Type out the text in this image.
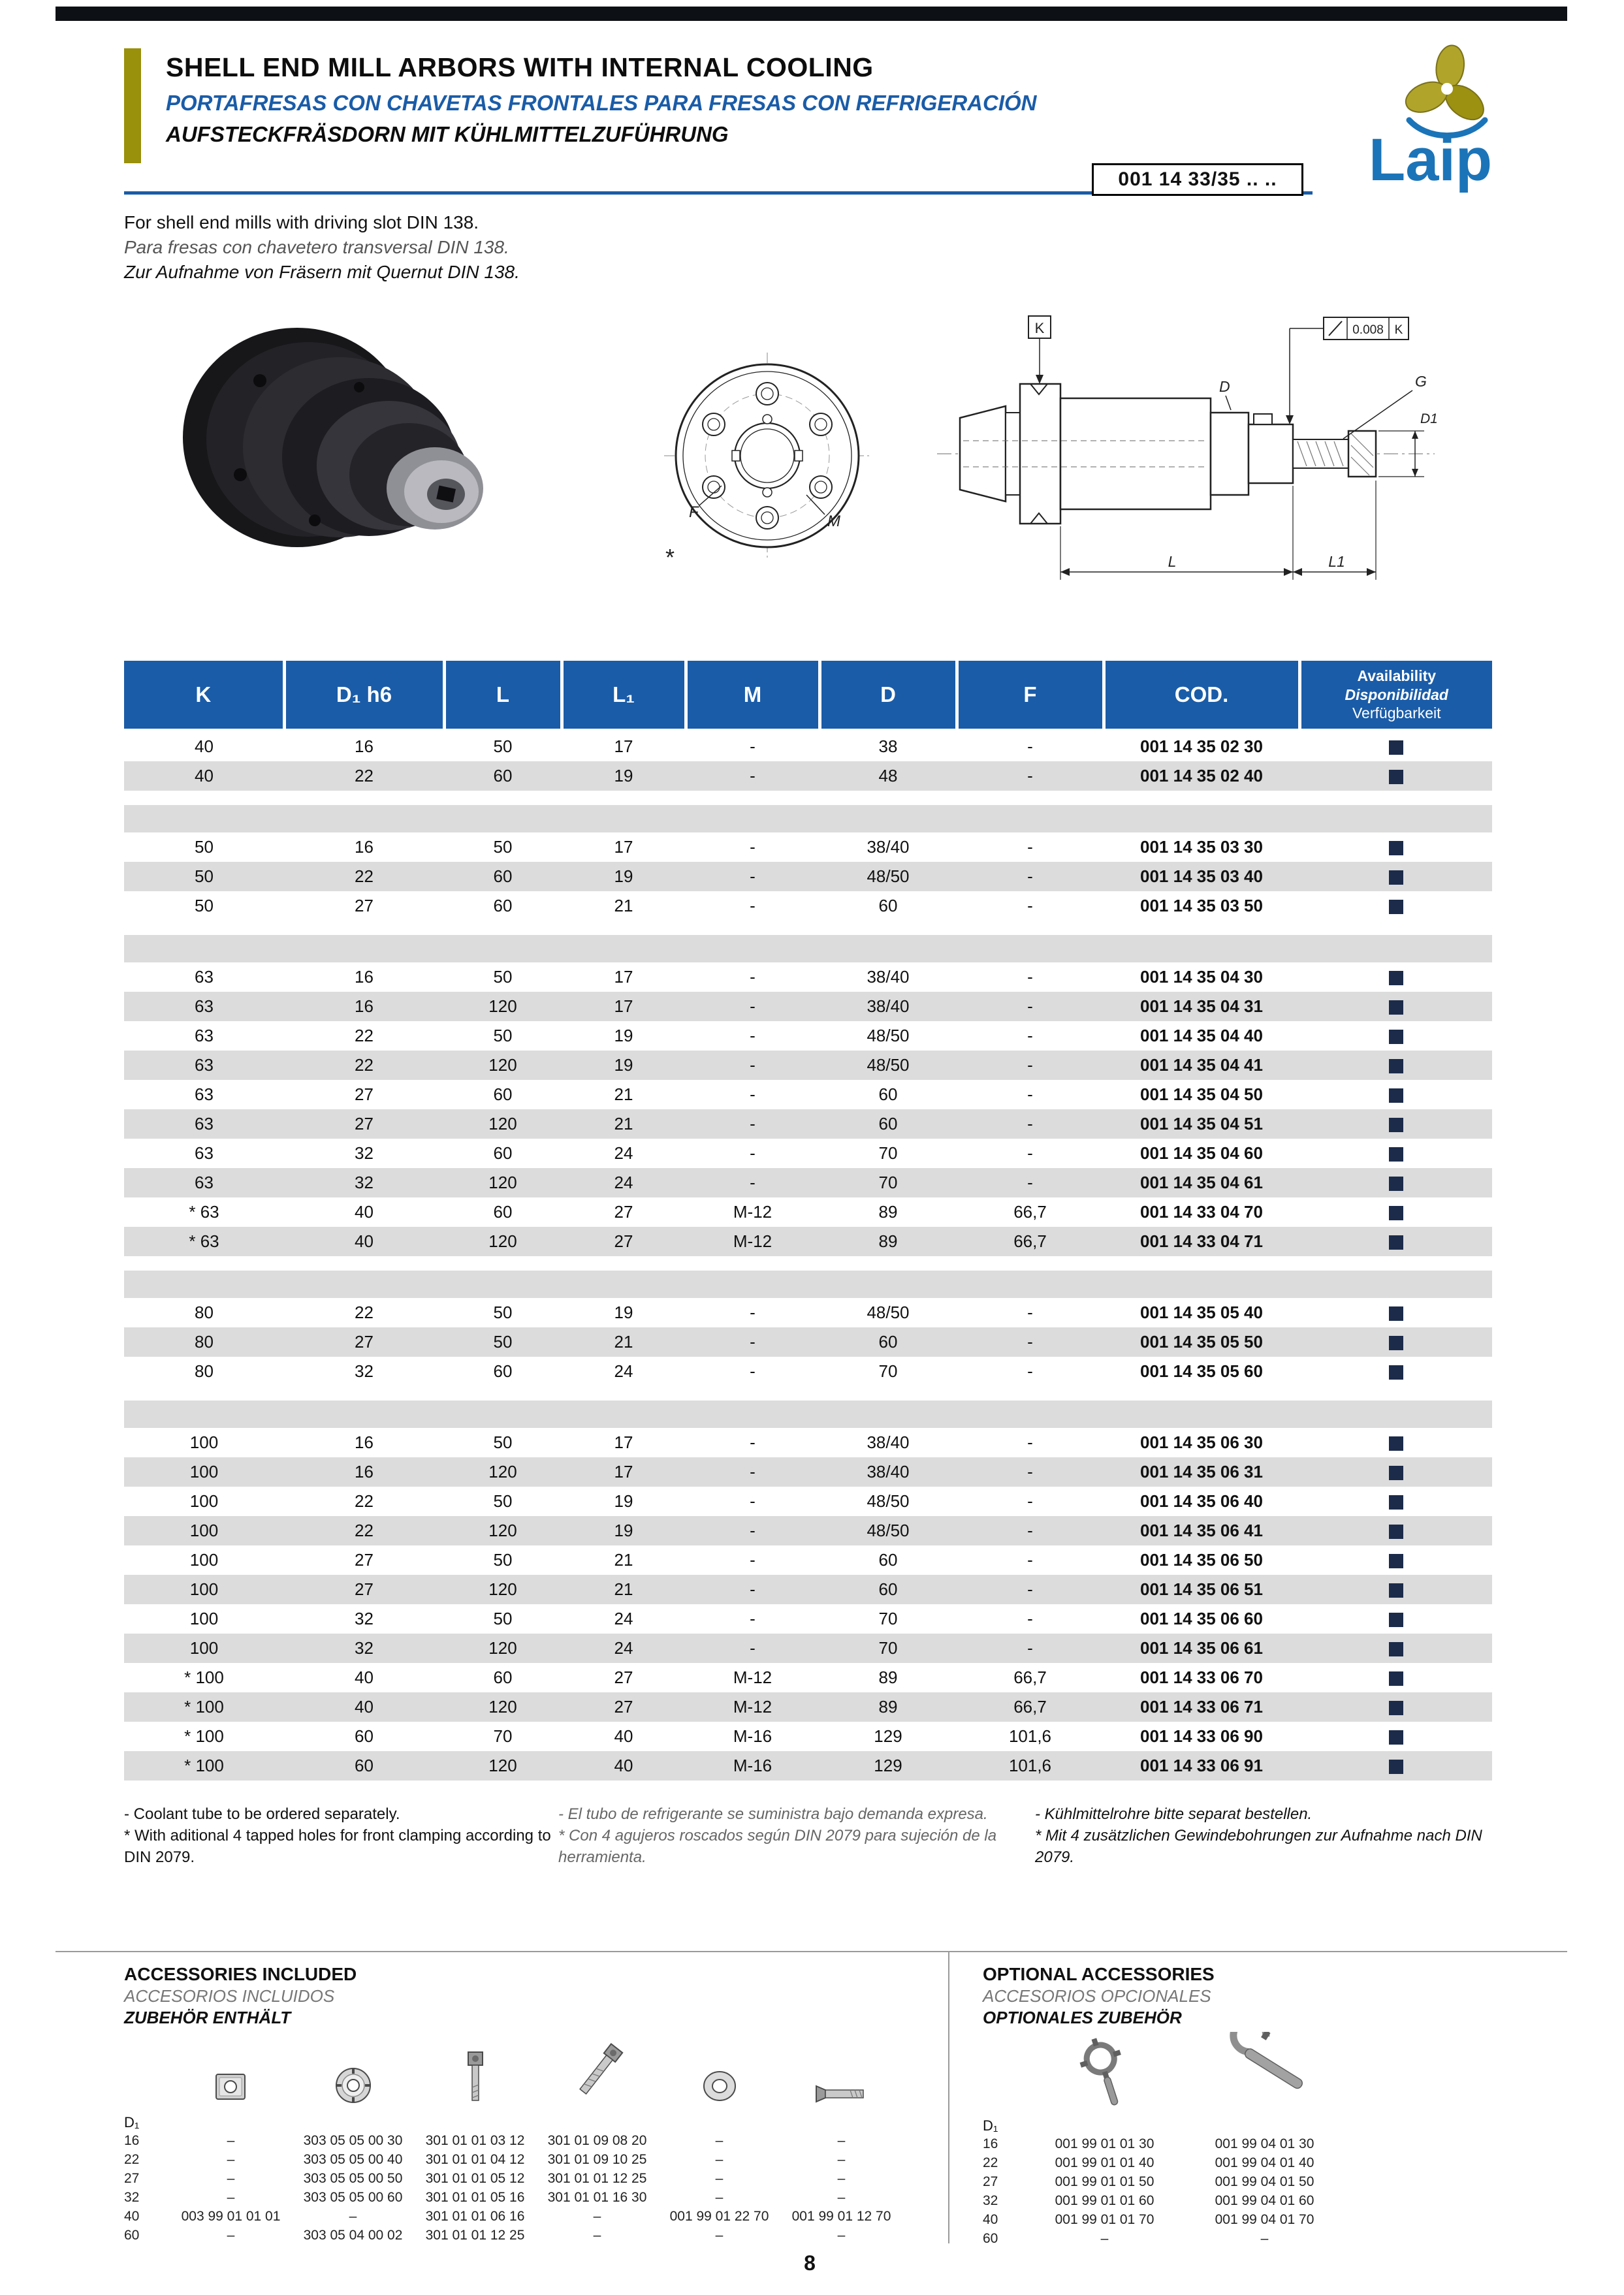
SHELL END MILL ARBORS WITH INTERNAL COOLING
PORTAFRESAS CON CHAVETAS FRONTALES PARA FRESAS CON REFRIGERACIÓN
AUFSTECKFRÄSDORN MIT KÜHLMITTELZUFÜHRUNG
001 14 33/35 .. ..	Laip
For shell end mills with driving slot DIN 138.
Para fresas con chavetero transversal DIN 138.
Zur Aufnahme von Fräsern mit Quernut DIN 138.
F
M
*
K	0.008 K
D	G
D1
L	L1
K	D₁ h6	L	L₁	M	D	F	COD.	Availability
Disponibilidad
Verfügbarkeit

40	16	50	17	-	38	-	001 14 35 02 30	
40	22	60	19	-	48	-	001 14 35 02 40	

50	16	50	17	-	38/40	-	001 14 35 03 30	
50	22	60	19	-	48/50	-	001 14 35 03 40	
50	27	60	21	-	60	-	001 14 35 03 50	

63	16	50	17	-	38/40	-	001 14 35 04 30	
63	16	120	17	-	38/40	-	001 14 35 04 31	
63	22	50	19	-	48/50	-	001 14 35 04 40	
63	22	120	19	-	48/50	-	001 14 35 04 41	
63	27	60	21	-	60	-	001 14 35 04 50	
63	27	120	21	-	60	-	001 14 35 04 51	
63	32	60	24	-	70	-	001 14 35 04 60	
63	32	120	24	-	70	-	001 14 35 04 61	
* 63	40	60	27	M-12	89	66,7	001 14 33 04 70	
* 63	40	120	27	M-12	89	66,7	001 14 33 04 71	

80	22	50	19	-	48/50	-	001 14 35 05 40	
80	27	50	21	-	60	-	001 14 35 05 50	
80	32	60	24	-	70	-	001 14 35 05 60	

100	16	50	17	-	38/40	-	001 14 35 06 30	
100	16	120	17	-	38/40	-	001 14 35 06 31	
100	22	50	19	-	48/50	-	001 14 35 06 40	
100	22	120	19	-	48/50	-	001 14 35 06 41	
100	27	50	21	-	60	-	001 14 35 06 50	
100	27	120	21	-	60	-	001 14 35 06 51	
100	32	50	24	-	70	-	001 14 35 06 60	
100	32	120	24	-	70	-	001 14 35 06 61	
* 100	40	60	27	M-12	89	66,7	001 14 33 06 70	
* 100	40	120	27	M-12	89	66,7	001 14 33 06 71	
* 100	60	70	40	M-16	129	101,6	001 14 33 06 90	
* 100	60	120	40	M-16	129	101,6	001 14 33 06 91	
- Coolant tube to be ordered separately.
* With aditional 4 tapped holes for front clamping according to DIN 2079.
- El tubo de refrigerante se suministra bajo demanda expresa.
* Con 4 agujeros roscados según DIN 2079 para sujeción de la herramienta.
- Kühlmittelrohre bitte separat bestellen.
* Mit 4 zusätzlichen Gewindebohrungen zur Aufnahme nach DIN 2079.
ACCESSORIES INCLUDED
ACCESORIOS INCLUIDOS
ZUBEHÖR ENTHÄLT

D₁						
16	–	303 05 05 00 30	301 01 01 03 12	301 01 09 08 20	–	–
22	–	303 05 05 00 40	301 01 01 04 12	301 01 09 10 25	–	–
27	–	303 05 05 00 50	301 01 01 05 12	301 01 01 12 25	–	–
32	–	303 05 05 00 60	301 01 01 05 16	301 01 01 16 30	–	–
40	003 99 01 01 01	–	301 01 01 06 16	–	001 99 01 22 70	001 99 01 12 70
60	–	303 05 04 00 02	301 01 01 12 25	–	–	–
OPTIONAL ACCESSORIES
ACCESORIOS OPCIONALES
OPTIONALES ZUBEHÖR

D₁		
16	001 99 01 01 30	001 99 04 01 30
22	001 99 01 01 40	001 99 04 01 40
27	001 99 01 01 50	001 99 04 01 50
32	001 99 01 01 60	001 99 04 01 60
40	001 99 01 01 70	001 99 04 01 70
60	–	–
8
